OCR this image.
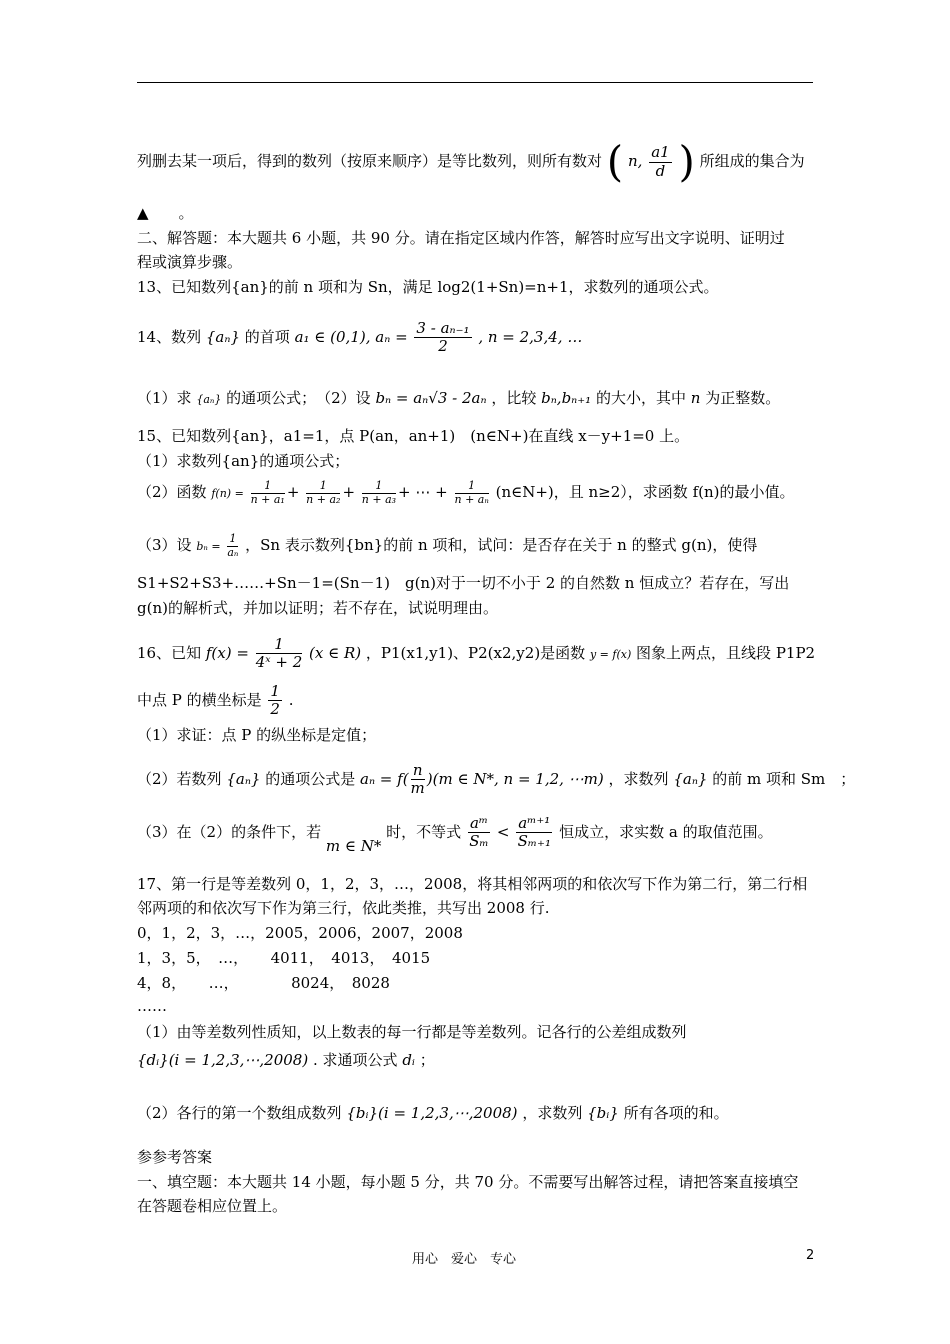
列删去某一项后，得到的数列（按原来顺序）是等比数列，则所有数对 ( n, $\frac{a1}{d}$ ) 所组成的集合为
▲　　。
二、解答题：本大题共 6 小题，共 90 分。请在指定区域内作答，解答时应写出文字说明、证明过
程或演算步骤。
13、已知数列{an}的前 n 项和为 Sn，满足 log2(1+Sn)=n+1，求数列的通项公式。
14、数列 {aₙ} 的首项 a₁ ∈ (0,1), $a_n = \frac{\text{3 - aₙ₋₁}}{2}$ , n = 2,3,4, …
（1）求 {aₙ} 的通项公式；　（2）设 bₙ = aₙ√3 - 2aₙ ，比较 bₙ,bₙ₊₁ 的大小，其中 n 为正整数。
15、已知数列{an}，a1=1，点 P(an，an+1)　(n∈N+)在直线 x－y+1=0 上。
（1）求数列{an}的通项公式；
（2）函数 $f(n) = \frac{1}{\text{n + a₁}} + \frac{1}{\text{n + a₂}} + \frac{1}{\text{n + a₃}}$ + ⋯ + $\frac{1}{\text{n + aₙ}}$ (n∈N+)，且 n≥2），求函数 f(n)的最小值。
（3）设 $b_n = \frac{1}{\text{aₙ}}$ ，Sn 表示数列{bn}的前 n 项和，试问：是否存在关于 n 的整式 g(n)，使得
S1+S2+S3+……+Sn－1=(Sn－1)　g(n)对于一切不小于 2 的自然数 n 恒成立？若存在，写出
g(n)的解析式，并加以证明；若不存在，试说明理由。
16、已知 $f(x) = \frac{1}{\text{4ˣ + 2}} (x$ ∈ R) ，P1(x1,y1)、P2(x2,y2)是函数 y = f(x) 图象上两点，且线段 P1P2
中点 P 的横坐标是 $\frac{1}{2}$ .
（1）求证：点 P 的纵坐标是定值；
（2）若数列 {aₙ} 的通项公式是 $a_n = f( \frac{n}{m} )(m$ ∈ N*, n = 1,2, ⋯m) ，求数列 {aₙ} 的前 m 项和 Sm　；
（3）在（2）的条件下，若 m ∈ N* 时，不等式 $\frac{\text{aᵐ}}{\text{Sₘ}} < \frac{\text{aᵐ⁺¹}}{\text{Sₘ₊₁}}$ 恒成立，求实数 a 的取值范围。
17、第一行是等差数列 0，1，2，3，…，2008，将其相邻两项的和依次写下作为第二行，第二行相
邻两项的和依次写下作为第三行，依此类推，共写出 2008 行.
0，1，2，3，…，2005，2006，2007，2008
1，3，5，　…，　　4011，　4013，　4015
4，8，　　…，　　　　8024，　8028
……
（1）由等差数列性质知，以上数表的每一行都是等差数列。记各行的公差组成数列
{dᵢ}(i = 1,2,3,⋯,2008) . 求通项公式 dᵢ ；
（2）各行的第一个数组成数列 {bᵢ}(i = 1,2,3,⋯,2008) ，求数列 {bᵢ} 所有各项的和。
参参考答案
一、填空题：本大题共 14 小题，每小题 5 分，共 70 分。不需要写出解答过程，请把答案直接填空
在答题卷相应位置上。
用心　爱心　专心	2
